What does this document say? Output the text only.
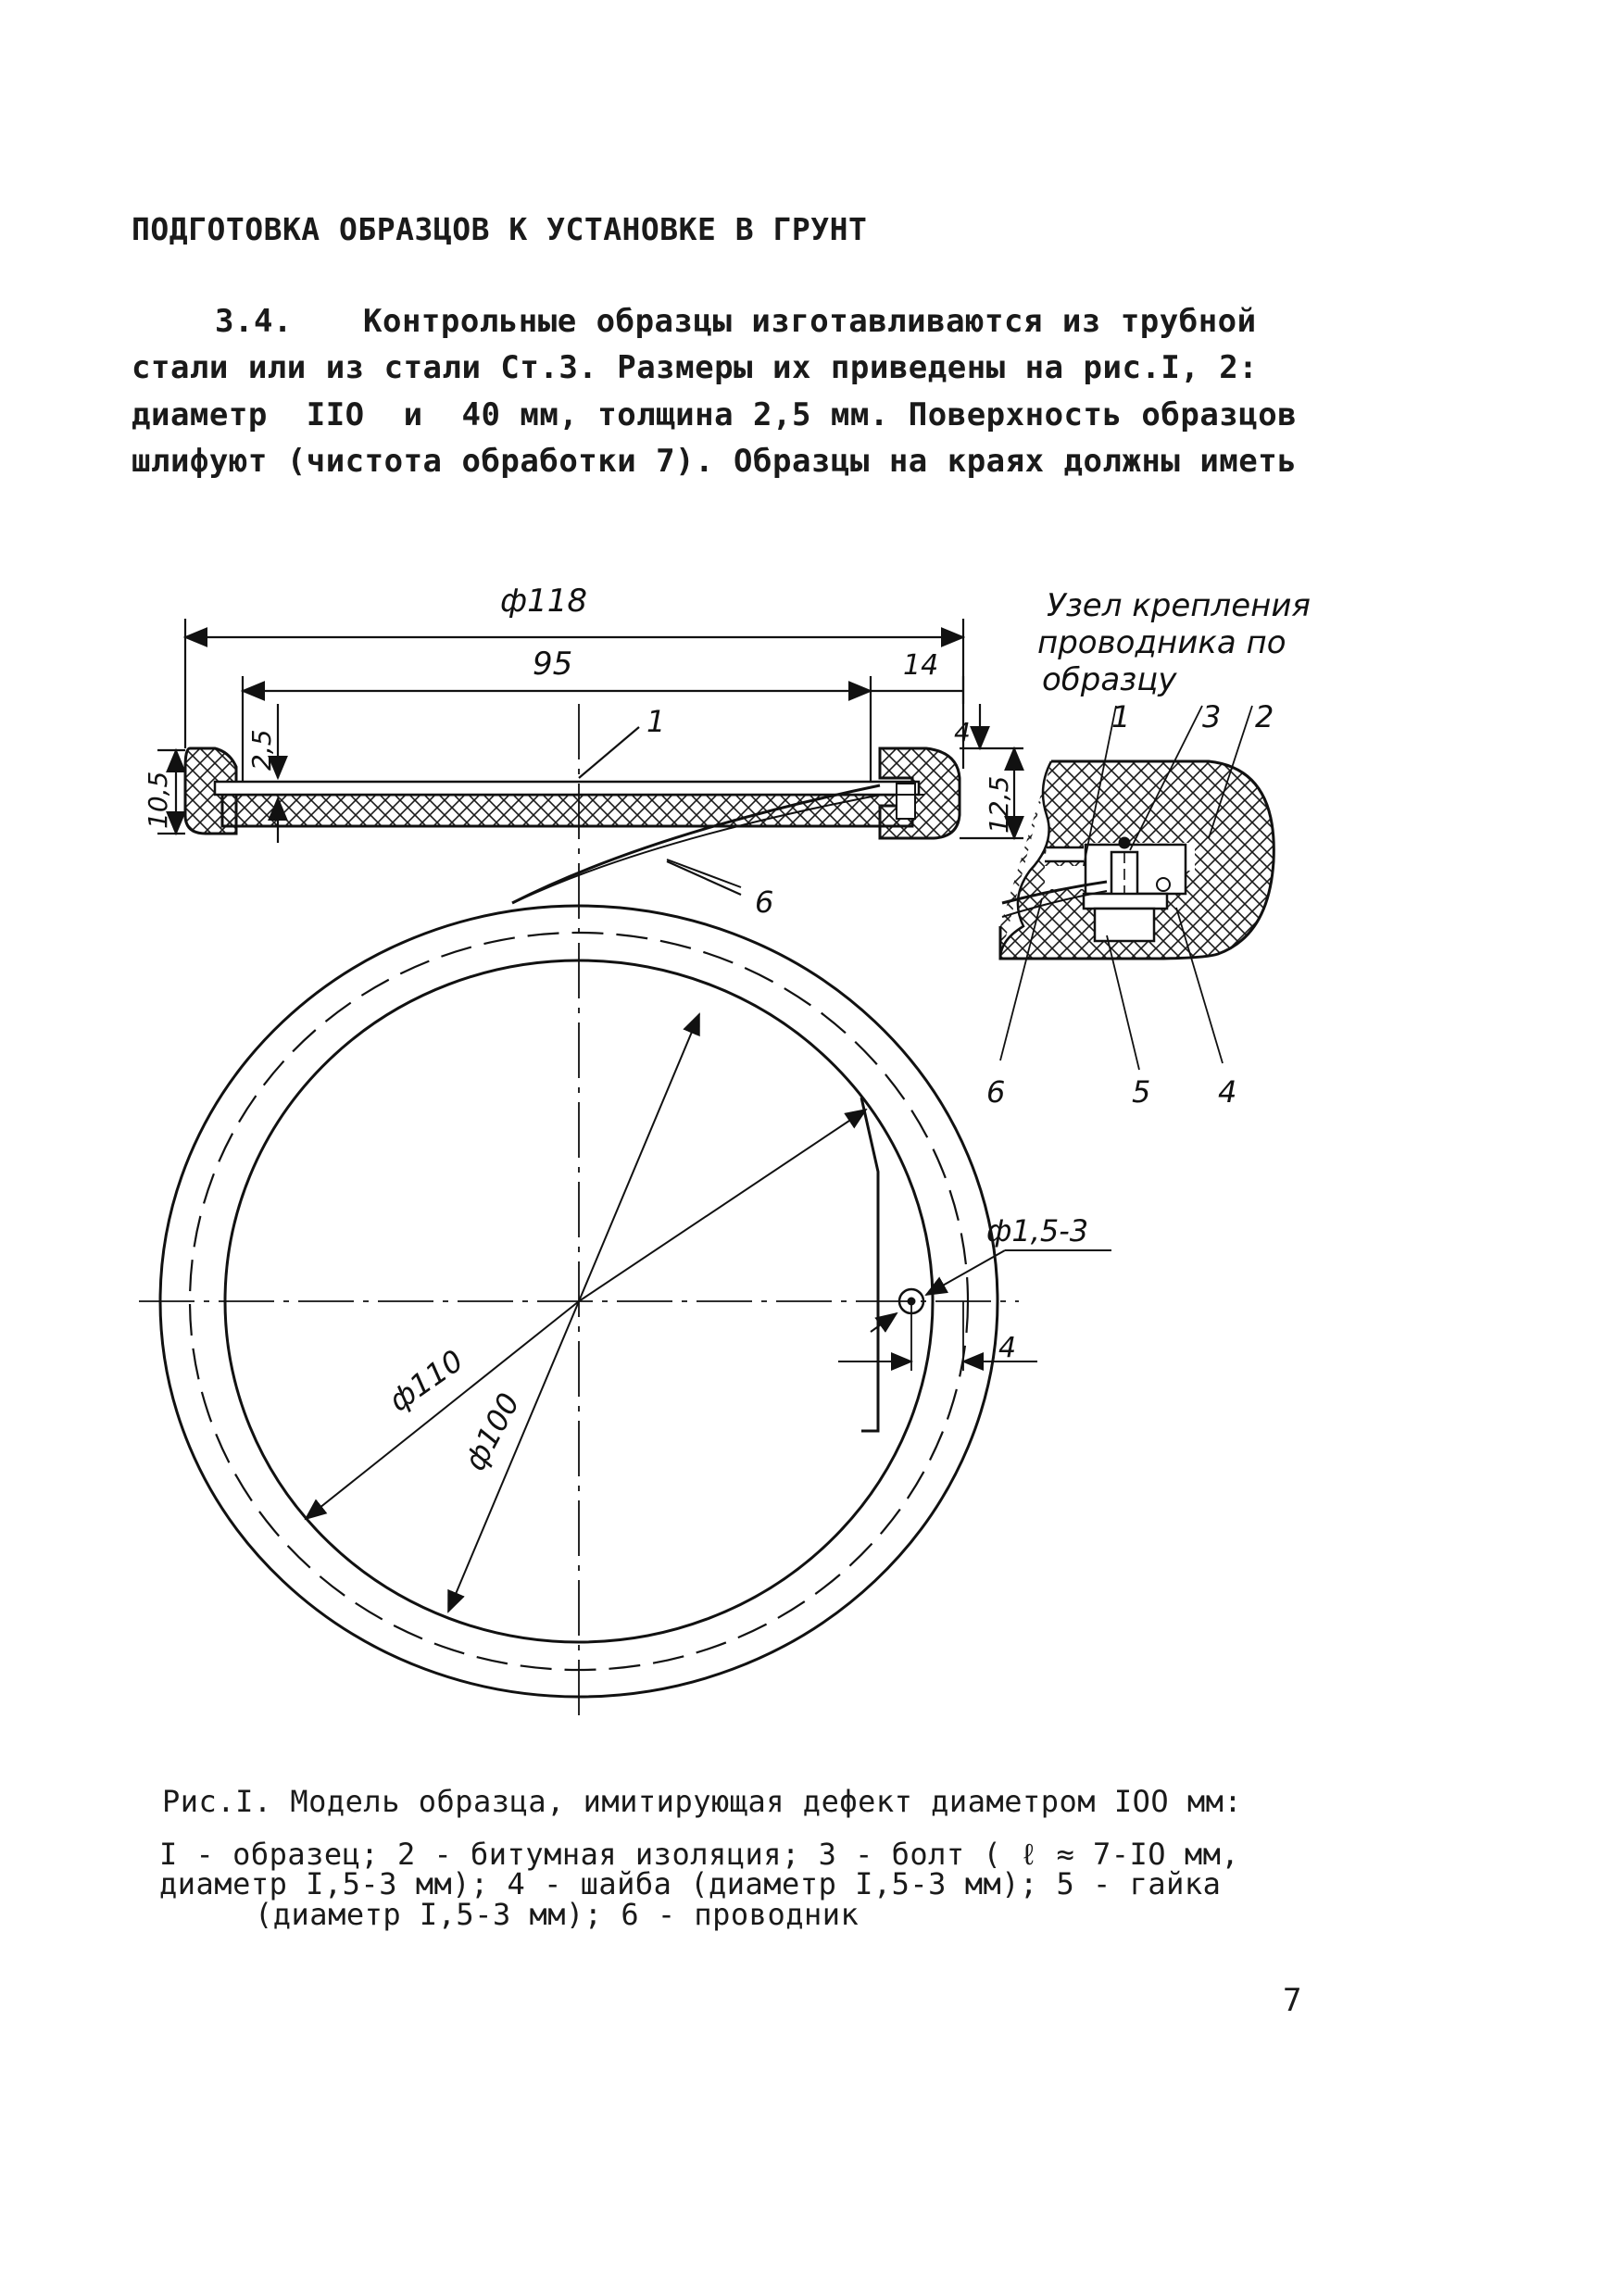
ПОДГОТОВКА ОБРАЗЦОВ К УСТАНОВКЕ В ГРУНТ
3.4. Контрольные образцы изготавливаются из трубной
стали или из стали Ст.3. Размеры их приведены на рис.I, 2:
диаметр  IIO  и  40 мм, толщина 2,5 мм. Поверхность образцов
шлифуют (чистота обработки 7). Образцы на краях должны иметь
ф118
95	14
2,5
10,5	12,5
4
1
6
ф1,5-3
4
ф110
ф100
Узел крепления
проводника по
образцу
1	2
3
4
5
6
Рис.I. Модель образца, имитирующая дефект диаметром IOO мм:
I - образец; 2 - битумная изоляция; 3 - болт ( ℓ ≈ 7-IO мм,
диаметр I,5-3 мм); 4 - шайба (диаметр I,5-3 мм); 5 - гайка
(диаметр I,5-3 мм); 6 - проводник
7
